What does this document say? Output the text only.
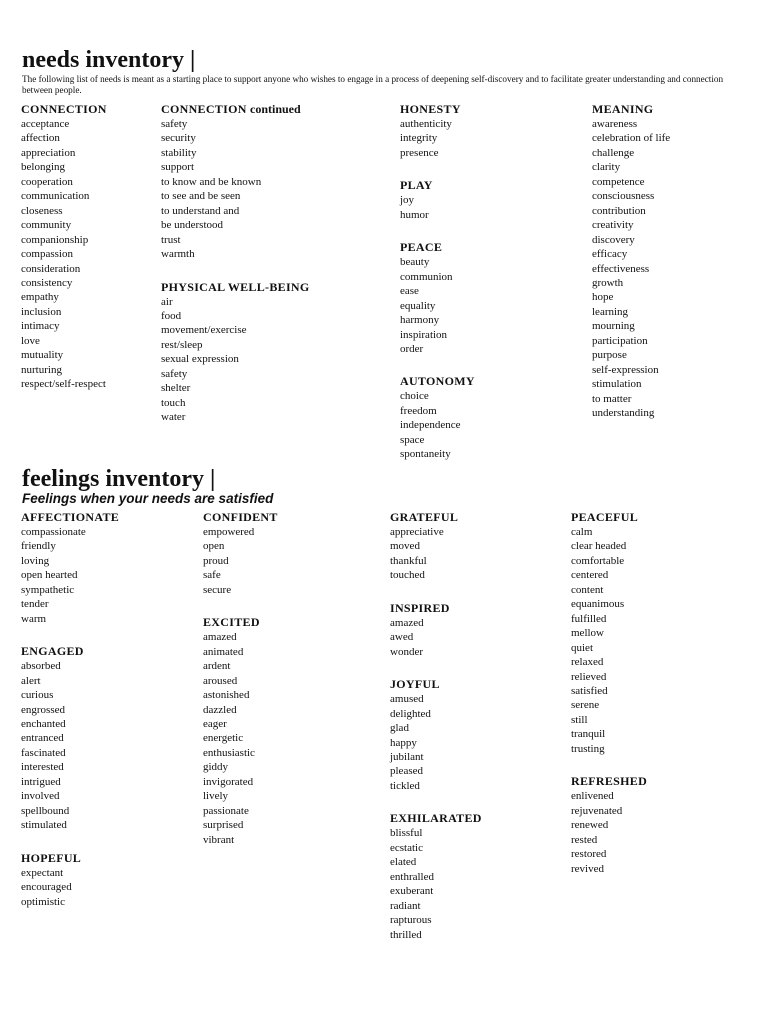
needs inventory |

The following list of needs is meant as a starting place to support anyone who wishes to engage in a process of deepening self-discovery and to facilitate greater understanding and connection between people.

CONNECTION
acceptance
affection
appreciation
belonging
cooperation
communication
closeness
community
companionship
compassion
consideration
consistency
empathy
inclusion
intimacy
love
mutuality
nurturing
respect/self-respect
CONNECTION continued
safety
security
stability
support
to know and be known
to see and be seen
to understand and
be understood
trust
warmth
PHYSICAL WELL-BEING
air
food
movement/exercise
rest/sleep
sexual expression
safety
shelter
touch
water
HONESTY
authenticity
integrity
presence
PLAY
joy
humor
PEACE
beauty
communion
ease
equality
harmony
inspiration
order
AUTONOMY
choice
freedom
independence
space
spontaneity
MEANING
awareness
celebration of life
challenge
clarity
competence
consciousness
contribution
creativity
discovery
efficacy
effectiveness
growth
hope
learning
mourning
participation
purpose
self-expression
stimulation
to matter
understanding
feelings inventory |

Feelings when your needs are satisfied

AFFECTIONATE
compassionate
friendly
loving
open hearted
sympathetic
tender
warm
ENGAGED
absorbed
alert
curious
engrossed
enchanted
entranced
fascinated
interested
intrigued
involved
spellbound
stimulated
HOPEFUL
expectant
encouraged
optimistic
CONFIDENT
empowered
open
proud
safe
secure
EXCITED
amazed
animated
ardent
aroused
astonished
dazzled
eager
energetic
enthusiastic
giddy
invigorated
lively
passionate
surprised
vibrant
GRATEFUL
appreciative
moved
thankful
touched
INSPIRED
amazed
awed
wonder
JOYFUL
amused
delighted
glad
happy
jubilant
pleased
tickled
EXHILARATED
blissful
ecstatic
elated
enthralled
exuberant
radiant
rapturous
thrilled
PEACEFUL
calm
clear headed
comfortable
centered
content
equanimous
fulfilled
mellow
quiet
relaxed
relieved
satisfied
serene
still
tranquil
trusting
REFRESHED
enlivened
rejuvenated
renewed
rested
restored
revived
